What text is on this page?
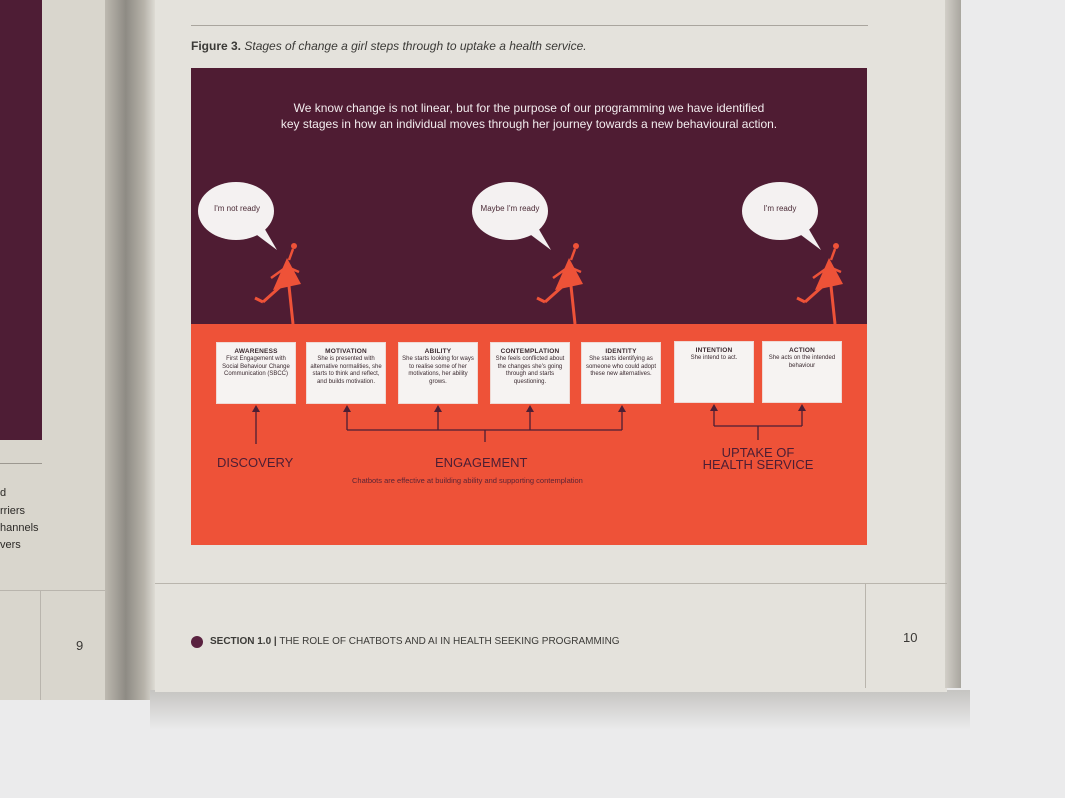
d
rriers
hannels
vers
9
Figure 3. Stages of change a girl steps through to uptake a health service.
We know change is not linear, but for the purpose of our programming we have identified
key stages in how an individual moves through her journey towards a new behavioural action.
I'm not ready	Maybe I'm ready	I'm ready
AWARENESS
First Engagement with Social Behaviour Change Communication (SBCC)
MOTIVATION
She is presented with alternative normalities, she starts to think and reflect, and builds motivation.
ABILITY
She starts looking for ways to realise some of her motivations, her ability grows.
CONTEMPLATION
She feels conflicted about the changes she's going through and starts questioning.
IDENTITY
She starts identifying as someone who could adopt these new alternatives.
INTENTION
She intend to act.
ACTION
She acts on the intended behaviour
DISCOVERY	ENGAGEMENT
UPTAKE OF
HEALTH SERVICE
Chatbots are effective at building ability and supporting contemplation
SECTION 1.0 | THE ROLE OF CHATBOTS AND AI IN HEALTH SEEKING PROGRAMMING	10
